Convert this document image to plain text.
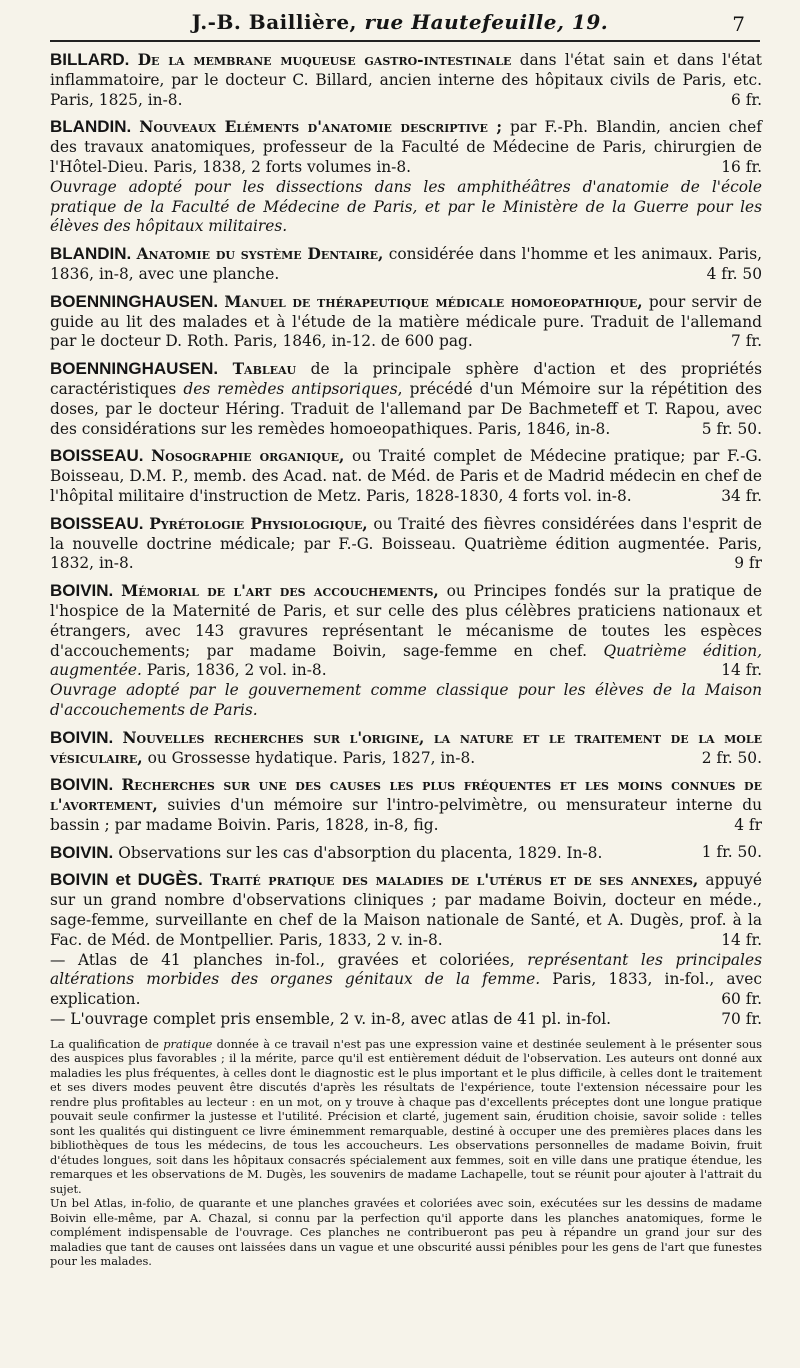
J.-B. Baillière, rue Hautefeuille, 19.	7
BILLARD. De la membrane muqueuse gastro-intestinale dans l'état sain et dans l'état inflammatoire, par le docteur C. Billard, ancien interne des hôpitaux civils de Paris, etc. Paris, 1825, in-8.	6 fr.
BLANDIN. Nouveaux Eléments d'anatomie descriptive ; par F.-Ph. Blandin, ancien chef des travaux anatomiques, professeur de la Faculté de Médecine de Paris, chirurgien de l'Hôtel-Dieu. Paris, 1838, 2 forts volumes in-8.	16 fr.
Ouvrage adopté pour les dissections dans les amphithéâtres d'anatomie de l'école pratique de la Faculté de Médecine de Paris, et par le Ministère de la Guerre pour les élèves des hôpitaux militaires.
BLANDIN. Anatomie du système Dentaire, considérée dans l'homme et les animaux. Paris, 1836, in-8, avec une planche.	4 fr. 50
BOENNINGHAUSEN. Manuel de thérapeutique médicale homoeopathique, pour servir de guide au lit des malades et à l'étude de la matière médicale pure. Traduit de l'allemand par le docteur D. Roth. Paris, 1846, in-12. de 600 pag.	7 fr.
BOENNINGHAUSEN. Tableau de la principale sphère d'action et des propriétés caractéristiques des remèdes antipsoriques, précédé d'un Mémoire sur la répétition des doses, par le docteur Héring. Traduit de l'allemand par De Bachmeteff et T. Rapou, avec des considérations sur les remèdes homoeopathiques. Paris, 1846, in-8.	5 fr. 50.
BOISSEAU. Nosographie organique, ou Traité complet de Médecine pratique; par F.-G. Boisseau, D.M. P., memb. des Acad. nat. de Méd. de Paris et de Madrid médecin en chef de l'hôpital militaire d'instruction de Metz. Paris, 1828-1830, 4 forts vol. in-8.	34 fr.
BOISSEAU. Pyrétologie Physiologique, ou Traité des fièvres considérées dans l'esprit de la nouvelle doctrine médicale; par F.-G. Boisseau. Quatrième édition augmentée. Paris, 1832, in-8.	9 fr
BOIVIN. Mémorial de l'art des accouchements, ou Principes fondés sur la pratique de l'hospice de la Maternité de Paris, et sur celle des plus célèbres praticiens nationaux et étrangers, avec 143 gravures représentant le mécanisme de toutes les espèces d'accouchements; par madame Boivin, sage-femme en chef. Quatrième édition, augmentée. Paris, 1836, 2 vol. in-8.	14 fr.
Ouvrage adopté par le gouvernement comme classique pour les élèves de la Maison d'accouchements de Paris.
BOIVIN. Nouvelles recherches sur l'origine, la nature et le traitement de la mole vésiculaire, ou Grossesse hydatique. Paris, 1827, in-8.	2 fr. 50.
BOIVIN. Recherches sur une des causes les plus fréquentes et les moins connues de l'avortement, suivies d'un mémoire sur l'intro-pelvimètre, ou mensurateur interne du bassin ; par madame Boivin. Paris, 1828, in-8, fig.	4 fr
BOIVIN. Observations sur les cas d'absorption du placenta, 1829. In-8.	1 fr. 50.
BOIVIN et DUGÈS. Traité pratique des maladies de l'utérus et de ses annexes, appuyé sur un grand nombre d'observations cliniques ; par madame Boivin, docteur en méde., sage-femme, surveillante en chef de la Maison nationale de Santé, et A. Dugès, prof. à la Fac. de Méd. de Montpellier. Paris, 1833, 2 v. in-8.	14 fr.
— Atlas de 41 planches in-fol., gravées et coloriées, représentant les principales altérations morbides des organes génitaux de la femme. Paris, 1833, in-fol., avec explication.	60 fr.
— L'ouvrage complet pris ensemble, 2 v. in-8, avec atlas de 41 pl. in-fol.	70 fr.
La qualification de pratique donnée à ce travail n'est pas une expression vaine et destinée seulement à le présenter sous des auspices plus favorables ; il la mérite, parce qu'il est entièrement déduit de l'observation. Les auteurs ont donné aux maladies les plus fréquentes, à celles dont le diagnostic est le plus important et le plus difficile, à celles dont le traitement et ses divers modes peuvent être discutés d'après les résultats de l'expérience, toute l'extension nécessaire pour les rendre plus profitables au lecteur : en un mot, on y trouve à chaque pas d'excellents préceptes dont une longue pratique pouvait seule confirmer la justesse et l'utilité. Précision et clarté, jugement sain, érudition choisie, savoir solide : telles sont les qualités qui distinguent ce livre éminemment remarquable, destiné à occuper une des premières places dans les bibliothèques de tous les médecins, de tous les accoucheurs. Les observations personnelles de madame Boivin, fruit d'études longues, soit dans les hôpitaux consacrés spécialement aux femmes, soit en ville dans une pratique étendue, les remarques et les observations de M. Dugès, les souvenirs de madame Lachapelle, tout se réunit pour ajouter à l'attrait du sujet.
Un bel Atlas, in-folio, de quarante et une planches gravées et coloriées avec soin, exécutées sur les dessins de madame Boivin elle-même, par A. Chazal, si connu par la perfection qu'il apporte dans les planches anatomiques, forme le complément indispensable de l'ouvrage. Ces planches ne contribueront pas peu à répandre un grand jour sur des maladies que tant de causes ont laissées dans un vague et une obscurité aussi pénibles pour les gens de l'art que funestes pour les malades.
